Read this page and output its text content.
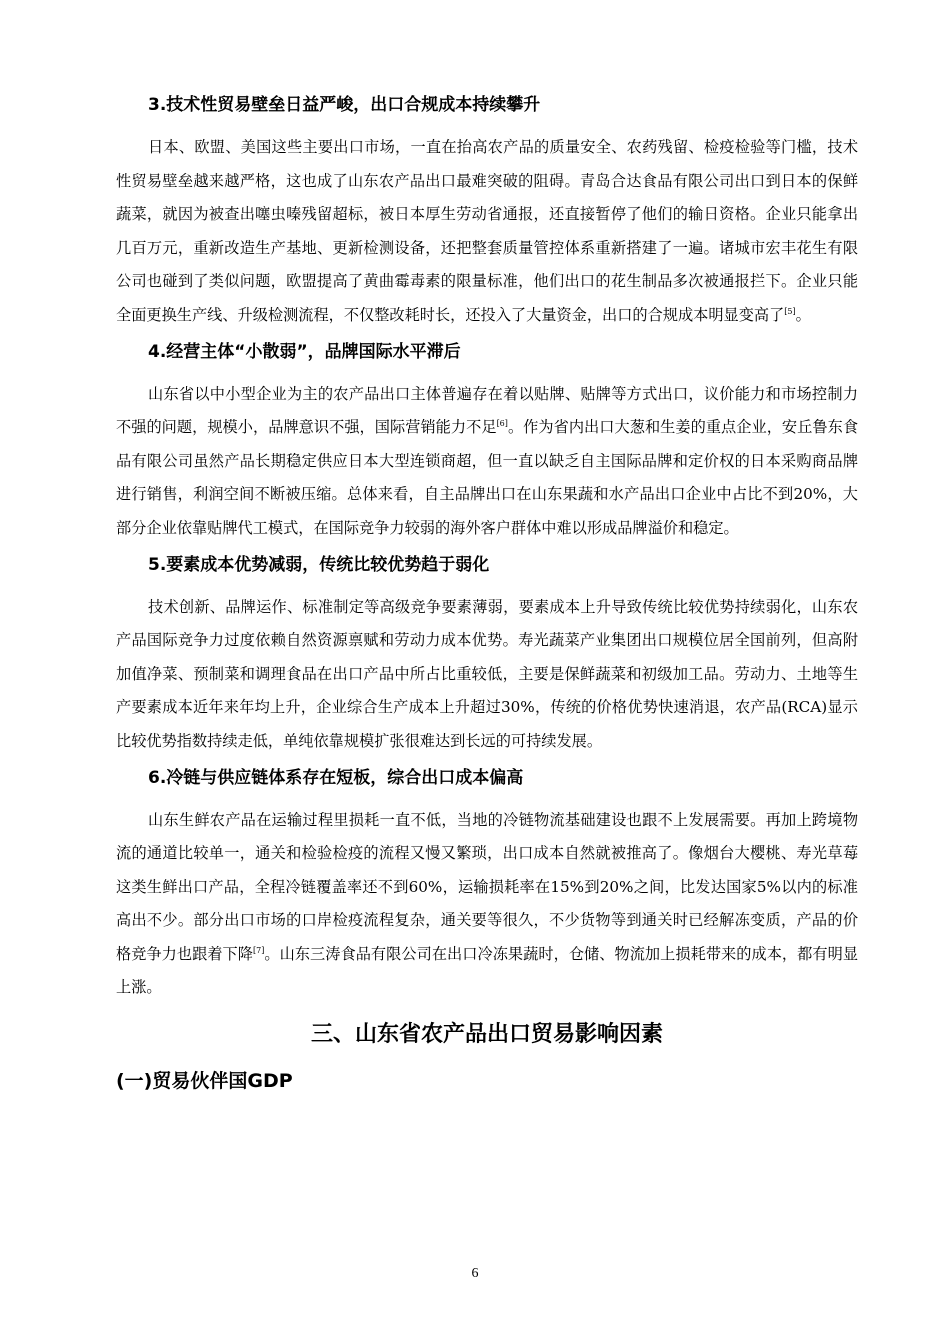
3.技术性贸易壁垒日益严峻，出口合规成本持续攀升

日本、欧盟、美国这些主要出口市场，一直在抬高农产品的质量安全、农药残留、检疫检验等门槛，技术性贸易壁垒越来越严格，这也成了山东农产品出口最难突破的阻碍。青岛合达食品有限公司出口到日本的保鲜蔬菜，就因为被查出噻虫嗪残留超标，被日本厚生劳动省通报，还直接暂停了他们的输日资格。企业只能拿出几百万元，重新改造生产基地、更新检测设备，还把整套质量管控体系重新搭建了一遍。诸城市宏丰花生有限公司也碰到了类似问题，欧盟提高了黄曲霉毒素的限量标准，他们出口的花生制品多次被通报拦下。企业只能全面更换生产线、升级检测流程，不仅整改耗时长，还投入了大量资金，出口的合规成本明显变高了[5]。

4.经营主体“小散弱”，品牌国际水平滞后

山东省以中小型企业为主的农产品出口主体普遍存在着以贴牌、贴牌等方式出口，议价能力和市场控制力不强的问题，规模小，品牌意识不强，国际营销能力不足[6]。作为省内出口大葱和生姜的重点企业，安丘鲁东食品有限公司虽然产品长期稳定供应日本大型连锁商超，但一直以缺乏自主国际品牌和定价权的日本采购商品牌进行销售，利润空间不断被压缩。总体来看，自主品牌出口在山东果蔬和水产品出口企业中占比不到20%，大部分企业依靠贴牌代工模式，在国际竞争力较弱的海外客户群体中难以形成品牌溢价和稳定。

5.要素成本优势减弱，传统比较优势趋于弱化

技术创新、品牌运作、标准制定等高级竞争要素薄弱，要素成本上升导致传统比较优势持续弱化，山东农产品国际竞争力过度依赖自然资源禀赋和劳动力成本优势。寿光蔬菜产业集团出口规模位居全国前列，但高附加值净菜、预制菜和调理食品在出口产品中所占比重较低，主要是保鲜蔬菜和初级加工品。劳动力、土地等生产要素成本近年来年均上升，企业综合生产成本上升超过30%，传统的价格优势快速消退，农产品(RCA)显示比较优势指数持续走低，单纯依靠规模扩张很难达到长远的可持续发展。

6.冷链与供应链体系存在短板，综合出口成本偏高

山东生鲜农产品在运输过程里损耗一直不低，当地的冷链物流基础建设也跟不上发展需要。再加上跨境物流的通道比较单一，通关和检验检疫的流程又慢又繁琐，出口成本自然就被推高了。像烟台大樱桃、寿光草莓这类生鲜出口产品，全程冷链覆盖率还不到60%，运输损耗率在15%到20%之间，比发达国家5%以内的标准高出不少。部分出口市场的口岸检疫流程复杂，通关要等很久，不少货物等到通关时已经解冻变质，产品的价格竞争力也跟着下降[7]。山东三涛食品有限公司在出口冷冻果蔬时，仓储、物流加上损耗带来的成本，都有明显上涨。

三、山东省农产品出口贸易影响因素
(一)贸易伙伴国GDP
6
